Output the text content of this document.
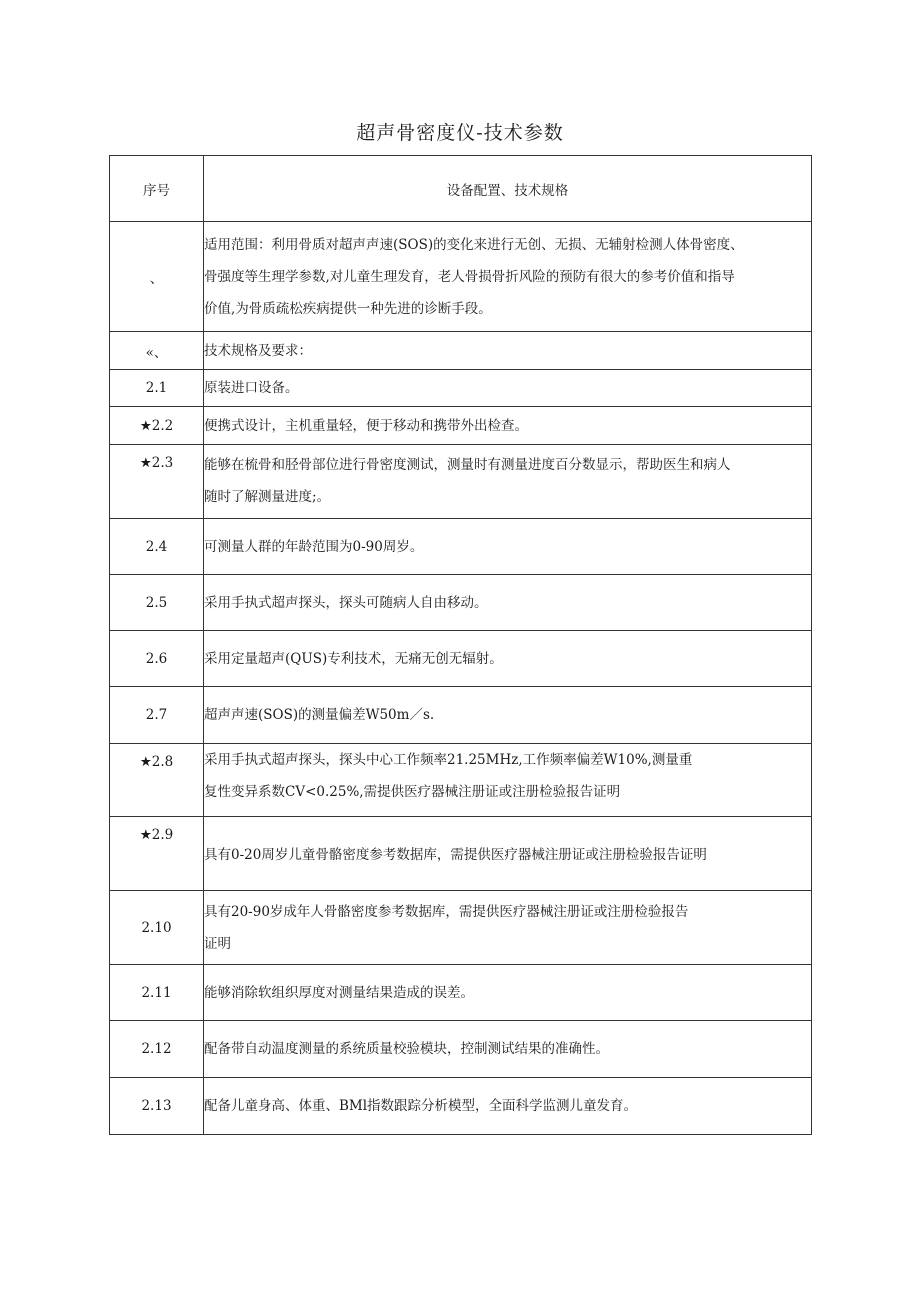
超声骨密度仪-技术参数
序号	设备配置、技术规格
、	适用范围：利用骨质对超声声速(SOS)的变化来进行无创、无损、无辅射检测人体骨密度、
骨强度等生理学参数,对儿童生理发育，老人骨损骨折风险的预防有很大的参考价值和指导
价值,为骨质疏松疾病提供一种先进的诊断手段。

«、	技术规格及要求：

2.1	原装进口设备。

★2.2	便携式设计，主机重量轻，便于移动和携带外出检查。

★2.3	能够在梳骨和胫骨部位进行骨密度测试，测量时有测量进度百分数显示，帮助医生和病人
随时了解测量进度;。

2.4	可测量人群的年龄范围为0-90周岁。

2.5	采用手执式超声探头，探头可随病人自由移动。

2.6	采用定量超声(QUS)专利技术，无痛无创无辐射。

2.7	超声声速(SOS)的测量偏差W50m／s.

★2.8	采用手执式超声探头，探头中心工作频率21.25MHz,工作频率偏差W10%,测量重
复性变异系数CV<0.25%,需提供医疗器械注册证或注册检验报告证明

★2.9	具有0-20周岁儿童骨骼密度参考数据库，需提供医疗器械注册证或注册检验报告证明

2.10	具有20-90岁成年人骨骼密度参考数据库，需提供医疗器械注册证或注册检验报告
证明

2.11	能够消除软组织厚度对测量结果造成的误差。

2.12	配备带自动温度测量的系统质量校验模块，控制测试结果的准确性。

2.13	配备儿童身高、体重、BMl指数跟踪分析模型，全面科学监测儿童发育。
